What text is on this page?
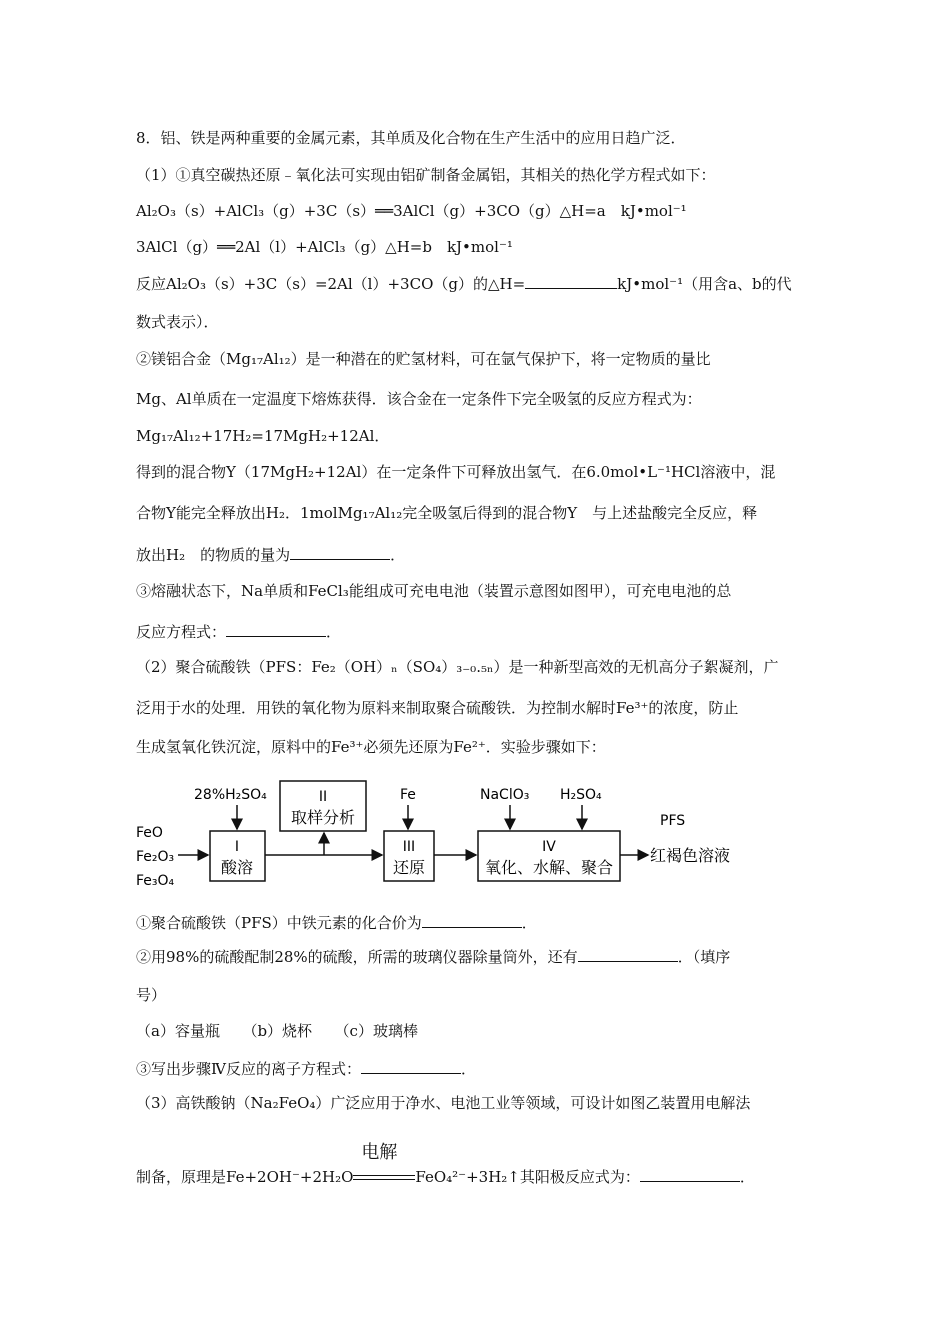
8．铝、铁是两种重要的金属元素，其单质及化合物在生产生活中的应用日趋广泛．
（1）①真空碳热还原﹣氧化法可实现由铝矿制备金属铝，其相关的热化学方程式如下：
Al₂O₃（s）+AlCl₃（g）+3C（s）══3AlCl（g）+3CO（g）△H=a　kJ•mol⁻¹
3AlCl（g）══2Al（l）+AlCl₃（g）△H=b　kJ•mol⁻¹
反应Al₂O₃（s）+3C（s）=2Al（l）+3CO（g）的△H=	kJ•mol⁻¹（用含a、b的代
数式表示）．
②镁铝合金（Mg₁₇Al₁₂）是一种潜在的贮氢材料，可在氩气保护下，将一定物质的量比
Mg、Al单质在一定温度下熔炼获得．该合金在一定条件下完全吸氢的反应方程式为：
Mg₁₇Al₁₂+17H₂=17MgH₂+12Al．
得到的混合物Y（17MgH₂+12Al）在一定条件下可释放出氢气．在6.0mol•L⁻¹HCl溶液中，混
合物Y能完全释放出H₂．1molMg₁₇Al₁₂完全吸氢后得到的混合物Y　与上述盐酸完全反应，释
放出H₂　的物质的量为	．
③熔融状态下，Na单质和FeCl₃能组成可充电电池（装置示意图如图甲），可充电电池的总
反应方程式：	．
（2）聚合硫酸铁（PFS：Fe₂（OH）ₙ（SO₄）₃₋₀.₅ₙ）是一种新型高效的无机高分子絮凝剂，广
泛用于水的处理．用铁的氧化物为原料来制取聚合硫酸铁．为控制水解时Fe³⁺的浓度，防止
生成氢氧化铁沉淀，原料中的Fe³⁺必须先还原为Fe²⁺．实验步骤如下：
FeO
Fe₂O₃
Fe₃O₄
28%H₂SO₄
I
酸溶
II
取样分析
Fe
III
还原
NaClO₃ H₂SO₄
IV
氧化、水解、聚合
PFS
红褐色溶液
①聚合硫酸铁（PFS）中铁元素的化合价为	．
②用98%的硫酸配制28%的硫酸，所需的玻璃仪器除量筒外，还有	．（填序
号）
（a）容量瓶　　（b）烧杯　　（c）玻璃棒
③写出步骤Ⅳ反应的离子方程式：	．
（3）高铁酸钠（Na₂FeO₄）广泛应用于净水、电池工业等领域，可设计如图乙装置用电解法
制备，原理是Fe+2OH⁻+2H₂O
电解
FeO₄²⁻+3H₂↑其阳极反应式为：	．
